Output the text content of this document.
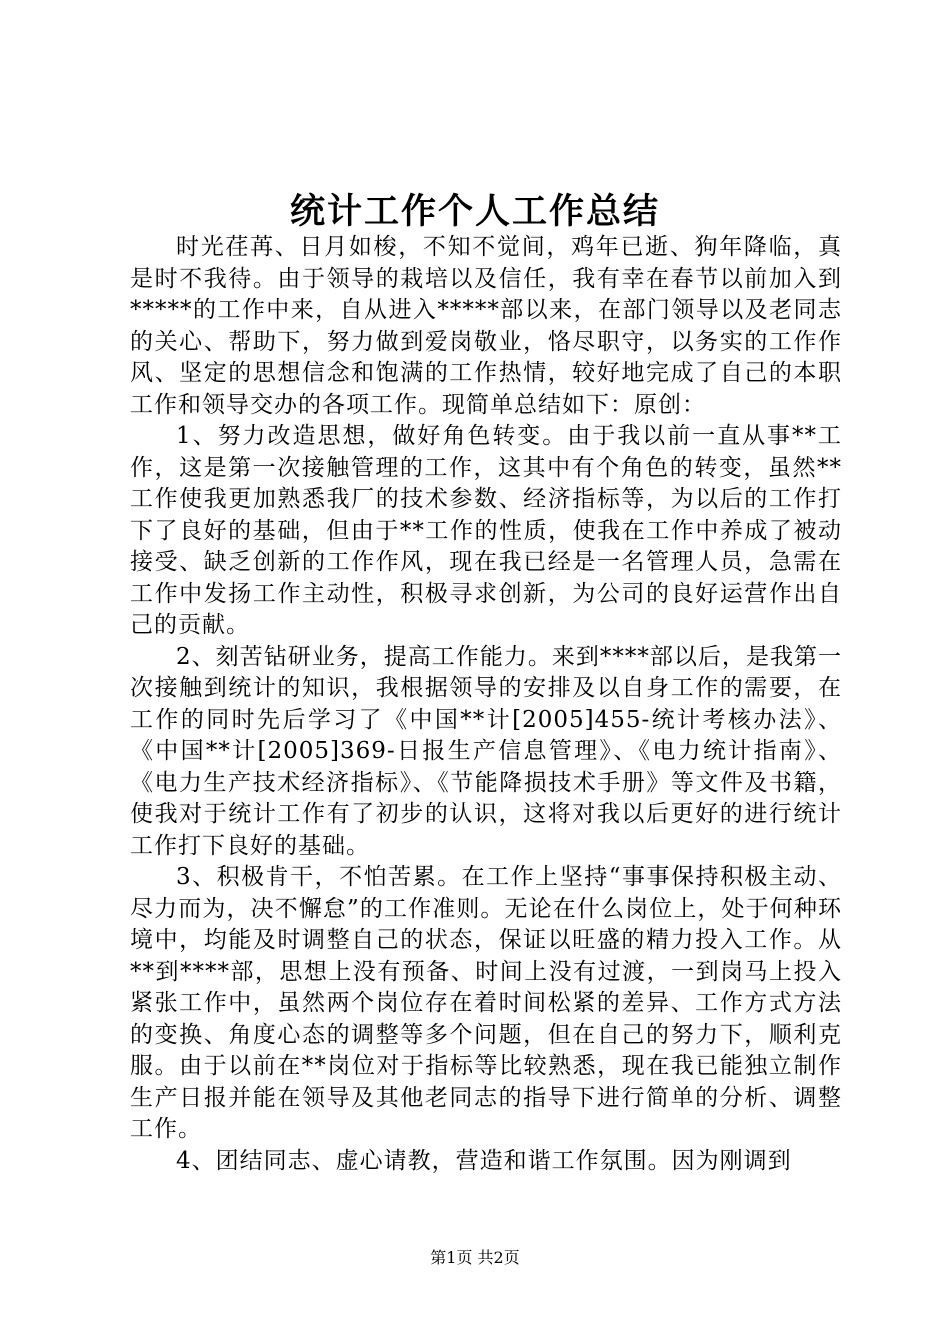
统计工作个人工作总结

时光荏苒、日月如梭，不知不觉间，鸡年已逝、狗年降临，真是时不我待。由于领导的栽培以及信任，我有幸在春节以前加入到*****的工作中来，自从进入*****部以来，在部门领导以及老同志的关心、帮助下，努力做到爱岗敬业，恪尽职守，以务实的工作作风、坚定的思想信念和饱满的工作热情，较好地完成了自己的本职工作和领导交办的各项工作。现简单总结如下：原创：

1、努力改造思想，做好角色转变。由于我以前一直从事**工作，这是第一次接触管理的工作，这其中有个角色的转变，虽然**工作使我更加熟悉我厂的技术参数、经济指标等，为以后的工作打下了良好的基础，但由于**工作的性质，使我在工作中养成了被动接受、缺乏创新的工作作风，现在我已经是一名管理人员，急需在工作中发扬工作主动性，积极寻求创新，为公司的良好运营作出自己的贡献。

2、刻苦钻研业务，提高工作能力。来到****部以后，是我第一次接触到统计的知识，我根据领导的安排及以自身工作的需要，在工作的同时先后学习了《中国**计[2005]455-统计考核办法》、《中国**计[2005]369-日报生产信息管理》、《电力统计指南》、《电力生产技术经济指标》、《节能降损技术手册》等文件及书籍，使我对于统计工作有了初步的认识，这将对我以后更好的进行统计工作打下良好的基础。

3、积极肯干，不怕苦累。在工作上坚持“事事保持积极主动、尽力而为，决不懈怠”的工作准则。无论在什么岗位上，处于何种环境中，均能及时调整自己的状态，保证以旺盛的精力投入工作。从**到****部，思想上没有预备、时间上没有过渡，一到岗马上投入紧张工作中，虽然两个岗位存在着时间松紧的差异、工作方式方法的变换、角度心态的调整等多个问题，但在自己的努力下，顺利克服。由于以前在**岗位对于指标等比较熟悉，现在我已能独立制作生产日报并能在领导及其他老同志的指导下进行简单的分析、调整工作。

4、团结同志、虚心请教，营造和谐工作氛围。因为刚调到

第1页 共2页
